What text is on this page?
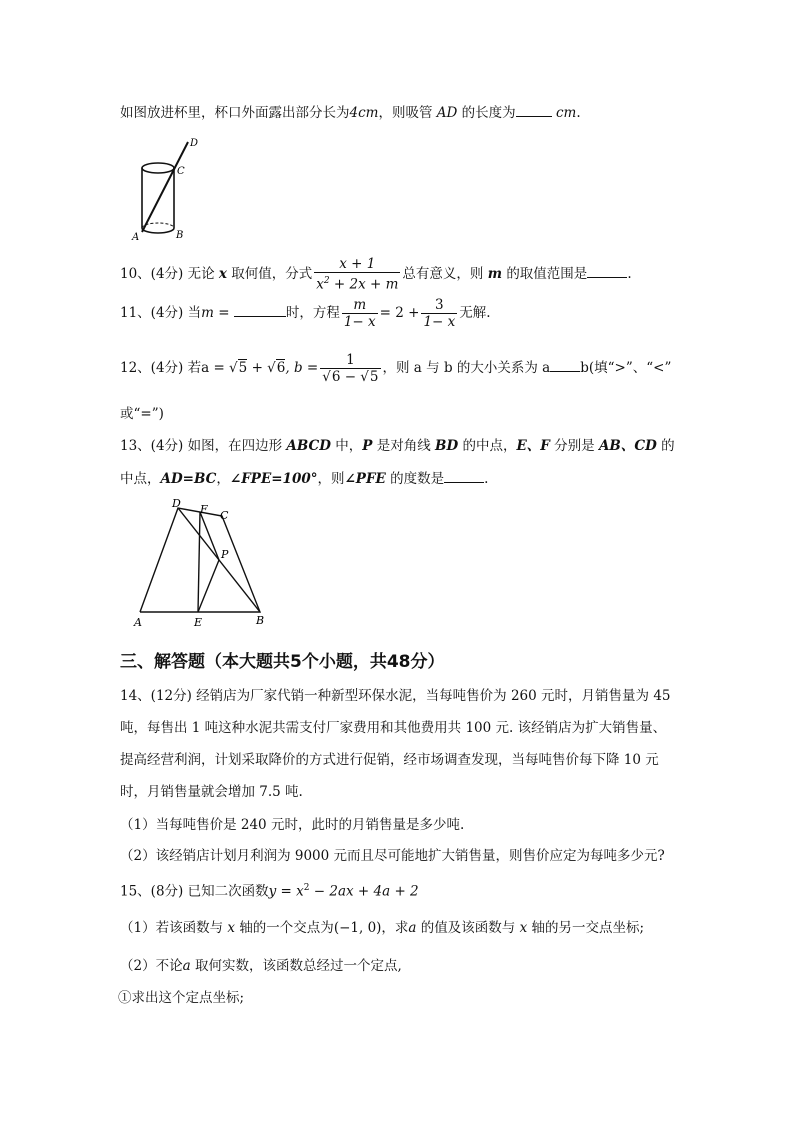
如图放进杯里，杯口外面露出部分长为4cm，则吸管 AD 的长度为	cm.
D
C
A	B
10、(4分) 无论 x 取何值，分式 $\frac{x + 1}{x^2 + 2x + m}$ 总有意义，则 m 的取值范围是	.
11、(4分) 当m =	时，方程 $\frac{m}{1- x} = 2 + \frac{3}{1- x}$ 无解.
12、(4分) 若a = √5 + √6, $b = \frac{1}{√6 - √5}$ ，则 a 与 b 的大小关系为 a b(填“>”、“<”
或“=”)
13、(4分) 如图，在四边形 ABCD 中，P 是对角线 BD 的中点，E、F 分别是 AB、CD 的
中点，AD=BC，∠FPE=100°，则∠PFE 的度数是	.
D F C
P
A	E	B
三、解答题（本大题共5个小题，共48分）
14、(12分) 经销店为厂家代销一种新型环保水泥，当每吨售价为 260 元时，月销售量为 45
吨，每售出 1 吨这种水泥共需支付厂家费用和其他费用共 100 元. 该经销店为扩大销售量、
提高经营利润，计划采取降价的方式进行促销，经市场调查发现，当每吨售价每下降 10 元
时，月销售量就会增加 7.5 吨.
（1）当每吨售价是 240 元时，此时的月销售量是多少吨.
（2）该经销店计划月利润为 9000 元而且尽可能地扩大销售量，则售价应定为每吨多少元?
15、(8分) 已知二次函数$y = x^2 - 2ax + 4a + 2$
（1）若该函数与 x 轴的一个交点为(−1, 0)，求a 的值及该函数与 x 轴的另一交点坐标;
（2）不论a 取何实数，该函数总经过一个定点,
①求出这个定点坐标;
